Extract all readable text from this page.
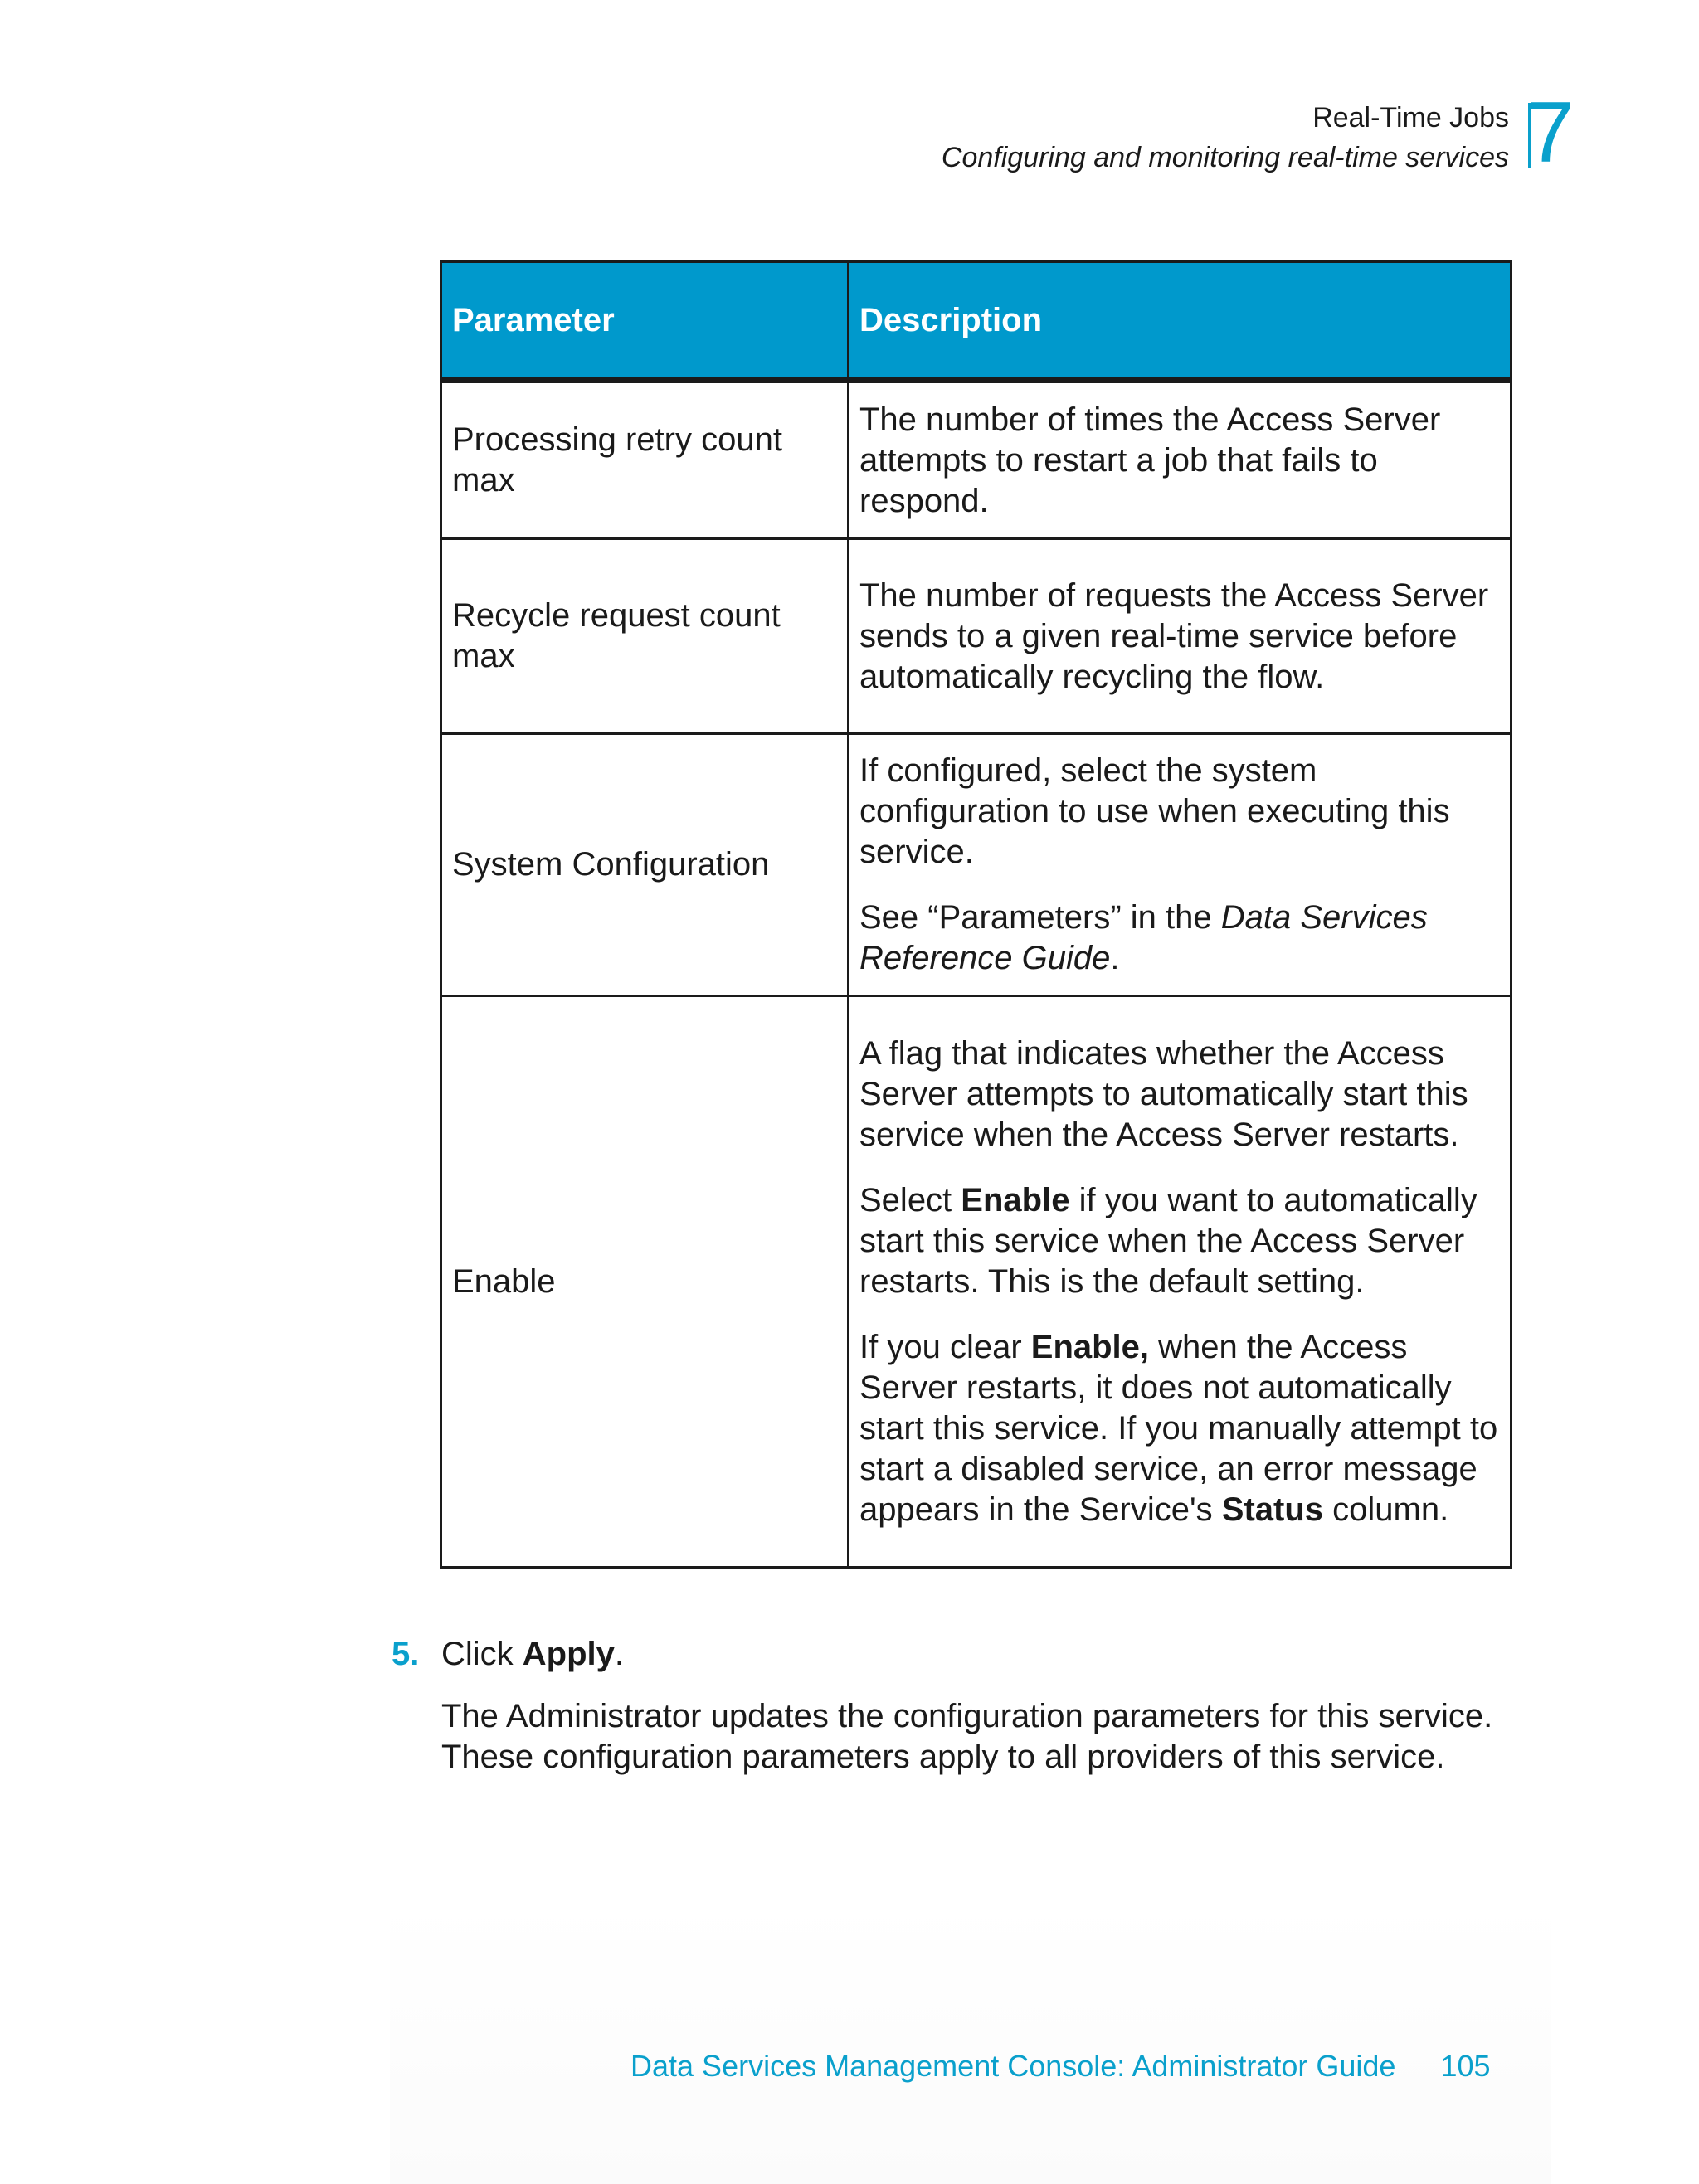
Real-Time Jobs
Configuring and monitoring real-time services 7
Parameter	Description
Processing retry count max	The number of times the Access Server attempts to restart a job that fails to respond.
Recycle request count max	The number of requests the Access Server sends to a given real-time service before automatically recycling the flow.
System Configuration	If configured, select the system configuration to use when executing this service.

See “Parameters” in the Data Services Reference Guide.

Enable	A flag that indicates whether the Access Server attempts to automatically start this service when the Access Server restarts.

Select Enable if you want to automatically start this service when the Access Server restarts. This is the default setting.

If you clear Enable, when the Access Server restarts, it does not automatically start this service. If you manually attempt to start a disabled service, an error message appears in the Service's Status column.

5. Click Apply.
The Administrator updates the configuration parameters for this service. These configuration parameters apply to all providers of this service.
Data Services Management Console: Administrator Guide 105
